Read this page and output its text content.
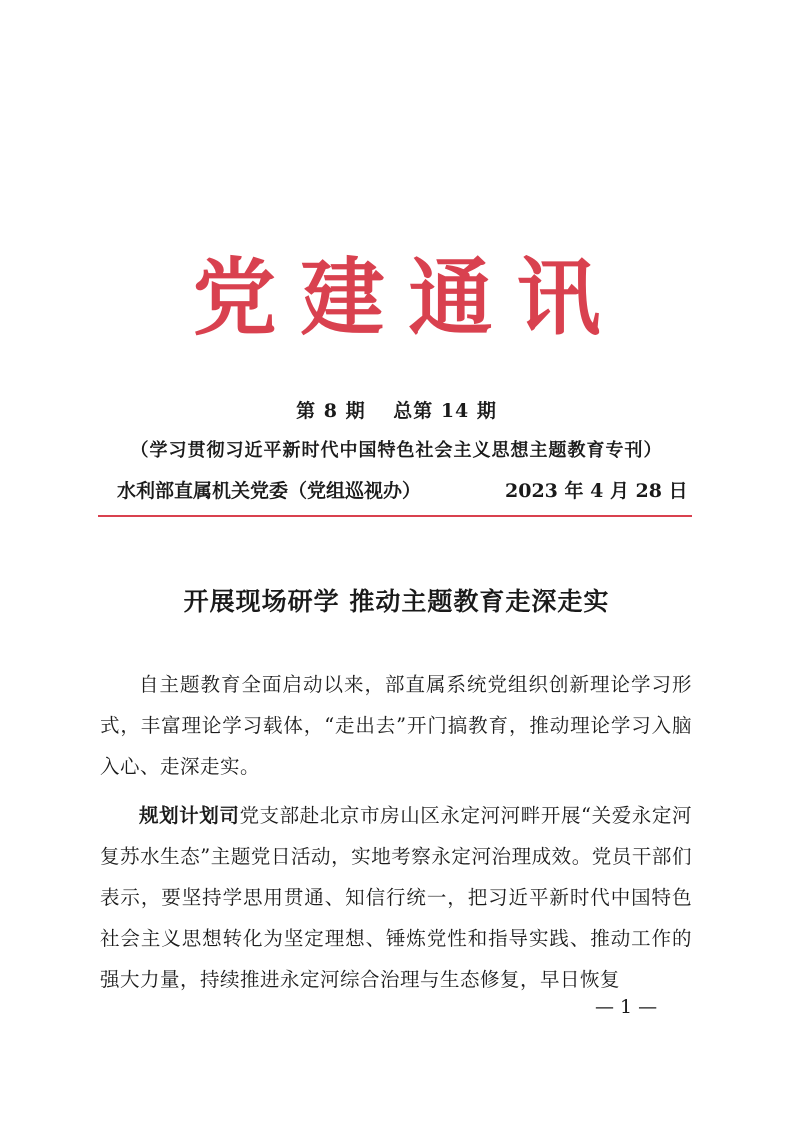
党建通讯
第 8 期 总第 14 期
（学习贯彻习近平新时代中国特色社会主义思想主题教育专刊）
水利部直属机关党委（党组巡视办）	2023 年 4 月 28 日
开展现场研学 推动主题教育走深走实

自主题教育全面启动以来，部直属系统党组织创新理论学习形式，丰富理论学习载体，“走出去”开门搞教育，推动理论学习入脑入心、走深走实。

规划计划司党支部赴北京市房山区永定河河畔开展“关爱永定河 复苏水生态”主题党日活动，实地考察永定河治理成效。党员干部们表示，要坚持学思用贯通、知信行统一，把习近平新时代中国特色社会主义思想转化为坚定理想、锤炼党性和指导实践、推动工作的强大力量，持续推进永定河综合治理与生态修复，早日恢复

— 1 —
